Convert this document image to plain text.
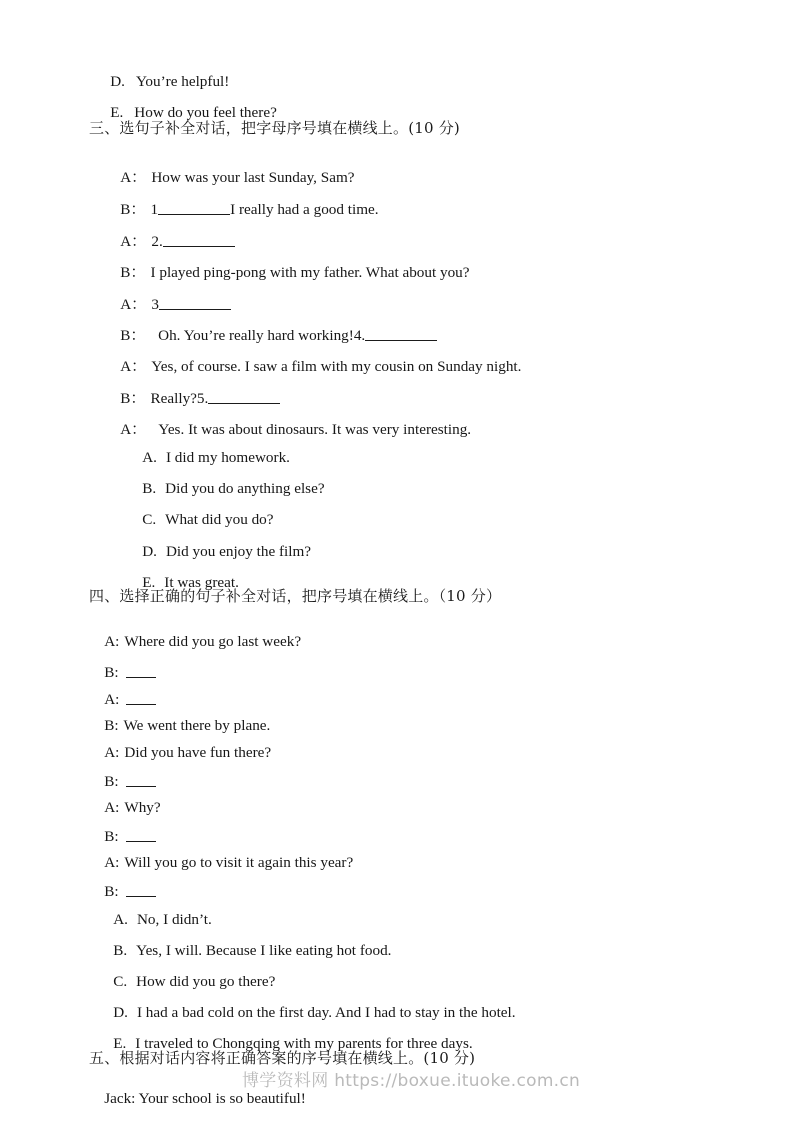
D. You’re helpful!

E. How do you feel there?

三、选句子补全对话，把字母序号填在横线上。(10 分)

A： How was your last Sunday, Sam?

B： 1	I really had a good time.

A： 2.

B： I played ping-pong with my father. What about you?

A： 3

B：  Oh. You’re really hard working!4.

A： Yes, of course. I saw a film with my cousin on Sunday night.

B： Really?5.

A：  Yes. It was about dinosaurs. It was very interesting.

A. I did my homework.

B. Did you do anything else?

C. What did you do?

D. Did you enjoy the film?

E. It was great.

四、选择正确的句子补全对话，把序号填在横线上。（10 分）

A: Where did you go last week?

B:

A:

B: We went there by plane.

A: Did you have fun there?

B:

A: Why?

B:

A: Will you go to visit it again this year?

B:

A. No, I didn’t.

B. Yes, I will. Because I like eating hot food.

C. How did you go there?

D. I had a bad cold on the first day. And I had to stay in the hotel.

E. I traveled to Chongqing with my parents for three days.

五、根据对话内容将正确答案的序号填在横线上。(10 分)

Jack: Your school is so beautiful!

博学资料网 https://boxue.ituoke.com.cn
